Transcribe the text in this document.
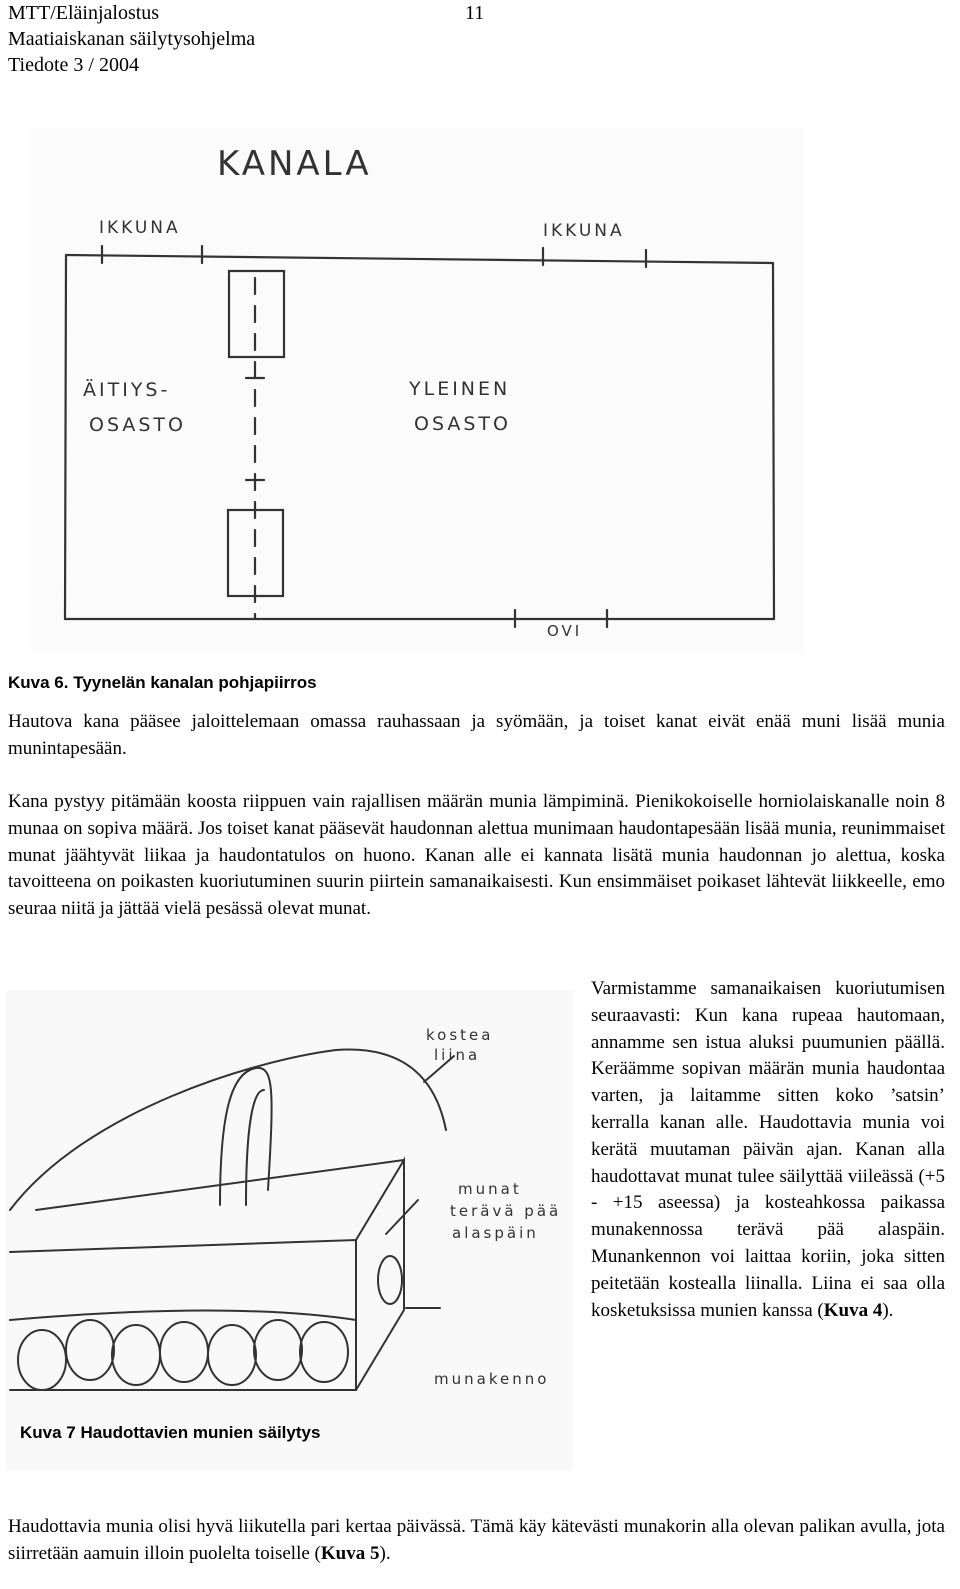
MTT/Eläinjalostus	11
Maatiaiskanan säilytysohjelma
Tiedote 3 / 2004
KANALA
IKKUNA	IKKUNA
ÄITIYS-
OSASTO
YLEINEN
OSASTO
OVI
Kuva 6. Tyynelän kanalan pohjapiirros
Hautova kana pääsee jaloittelemaan omassa rauhassaan ja syömään, ja toiset kanat eivät enää muni lisää munia munintapesään.
Kana pystyy pitämään koosta riippuen vain rajallisen määrän munia lämpiminä. Pienikokoiselle horniolaiskanalle noin 8 munaa on sopiva määrä. Jos toiset kanat pääsevät haudonnan alettua munimaan haudontapesään lisää munia, reunimmaiset munat jäähtyvät liikaa ja haudontatulos on huono. Kanan alle ei kannata lisätä munia haudonnan jo alettua, koska tavoitteena on poikasten kuoriutuminen suurin piirtein samanaikaisesti. Kun ensimmäiset poikaset lähtevät liikkeelle, emo seuraa niitä ja jättää vielä pesässä olevat munat.
kostea
liina
munat
terävä pää
alaspäin
munakenno
Kuva 7 Haudottavien munien säilytys
Varmistamme samanaikaisen kuoriutumisen seuraavasti: Kun kana rupeaa hautomaan, annamme sen istua aluksi puumunien päällä. Keräämme sopivan määrän munia haudontaa varten, ja laitamme sitten koko ’satsin’ kerralla kanan alle. Haudottavia munia voi kerätä muutaman päivän ajan. Kanan alla haudottavat munat tulee säilyttää viileässä (+5 - +15 aseessa) ja kosteahkossa paikassa munakennossa terävä pää alaspäin. Munankennon voi laittaa koriin, joka sitten peitetään kostealla liinalla. Liina ei saa olla kosketuksissa munien kanssa (Kuva 4).
Haudottavia munia olisi hyvä liikutella pari kertaa päivässä. Tämä käy kätevästi munakorin alla olevan palikan avulla, jota siirretään aamuin illoin puolelta toiselle (Kuva 5).
